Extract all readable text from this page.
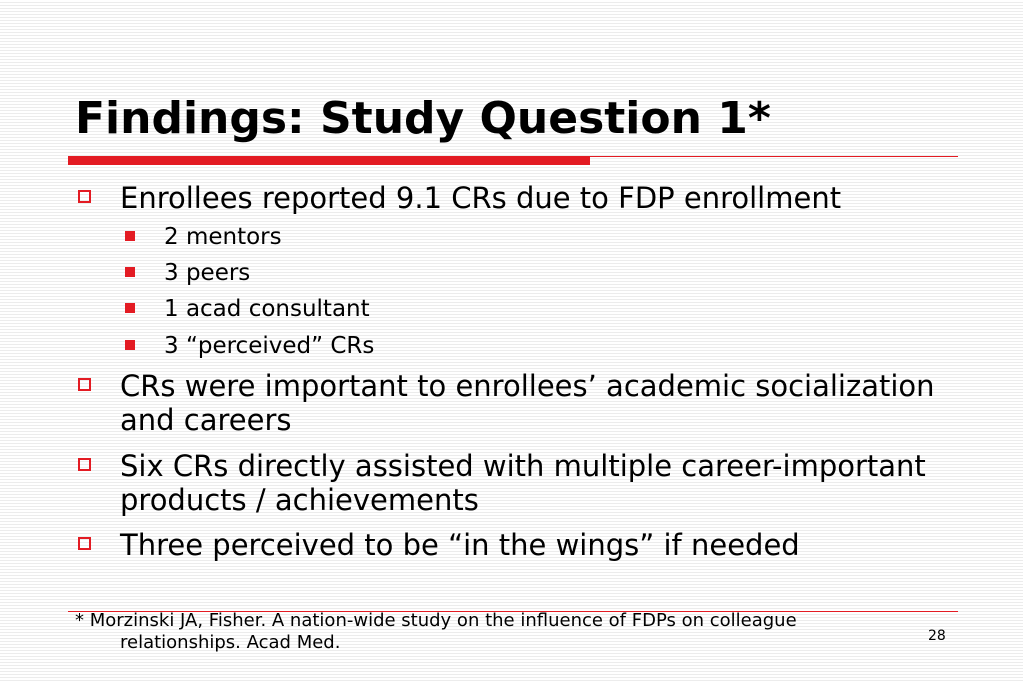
Findings: Study Question 1*
Enrollees reported 9.1 CRs due to FDP enrollment
2 mentors
3 peers
1 acad consultant
3 “perceived” CRs
CRs were important to enrollees’ academic socialization and careers
Six CRs directly assisted with multiple career-important products / achievements
Three perceived to be “in the wings” if needed
* Morzinski JA, Fisher. A nation-wide study on the influence of FDPs on colleague
relationships. Acad Med.	28
